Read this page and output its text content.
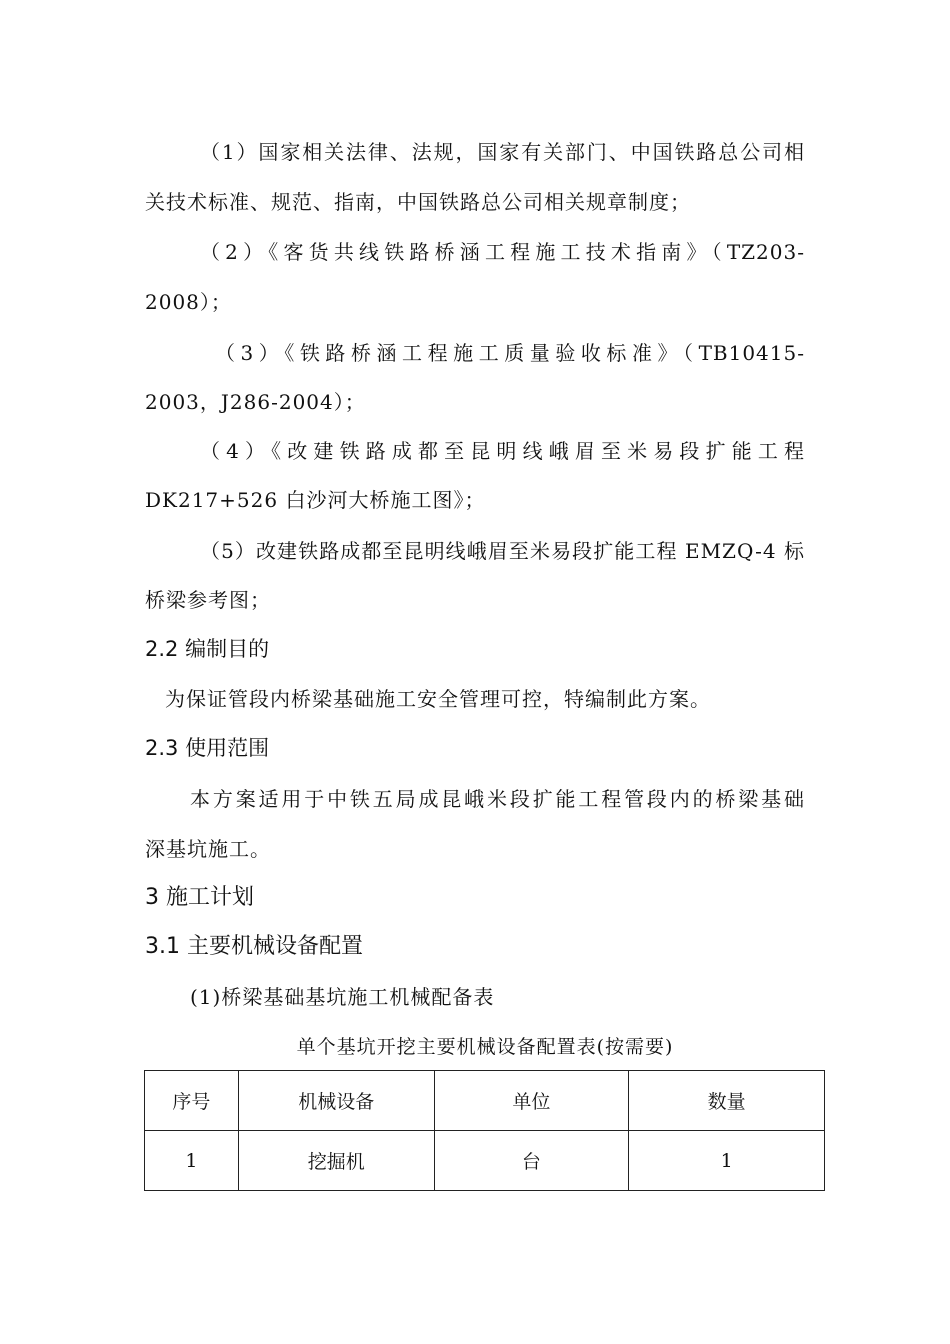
（1）国家相关法律、法规，国家有关部门、中国铁路总公司相
关技术标准、规范、指南，中国铁路总公司相关规章制度；
（2）《客货共线铁路桥涵工程施工技术指南》（TZ203-
2008）；
（3）《铁路桥涵工程施工质量验收标准》（TB10415-
2003，J286-2004）；
（4）《改建铁路成都至昆明线峨眉至米易段扩能工程
DK217+526 白沙河大桥施工图》；
（5）改建铁路成都至昆明线峨眉至米易段扩能工程 EMZQ-4 标
桥梁参考图；
2.2 编制目的
为保证管段内桥梁基础施工安全管理可控，特编制此方案。
2.3 使用范围
本方案适用于中铁五局成昆峨米段扩能工程管段内的桥梁基础
深基坑施工。
3 施工计划
3.1 主要机械设备配置
(1)桥梁基础基坑施工机械配备表
单个基坑开挖主要机械设备配置表(按需要)
序号	机械设备	单位	数量
1	挖掘机	台	1
